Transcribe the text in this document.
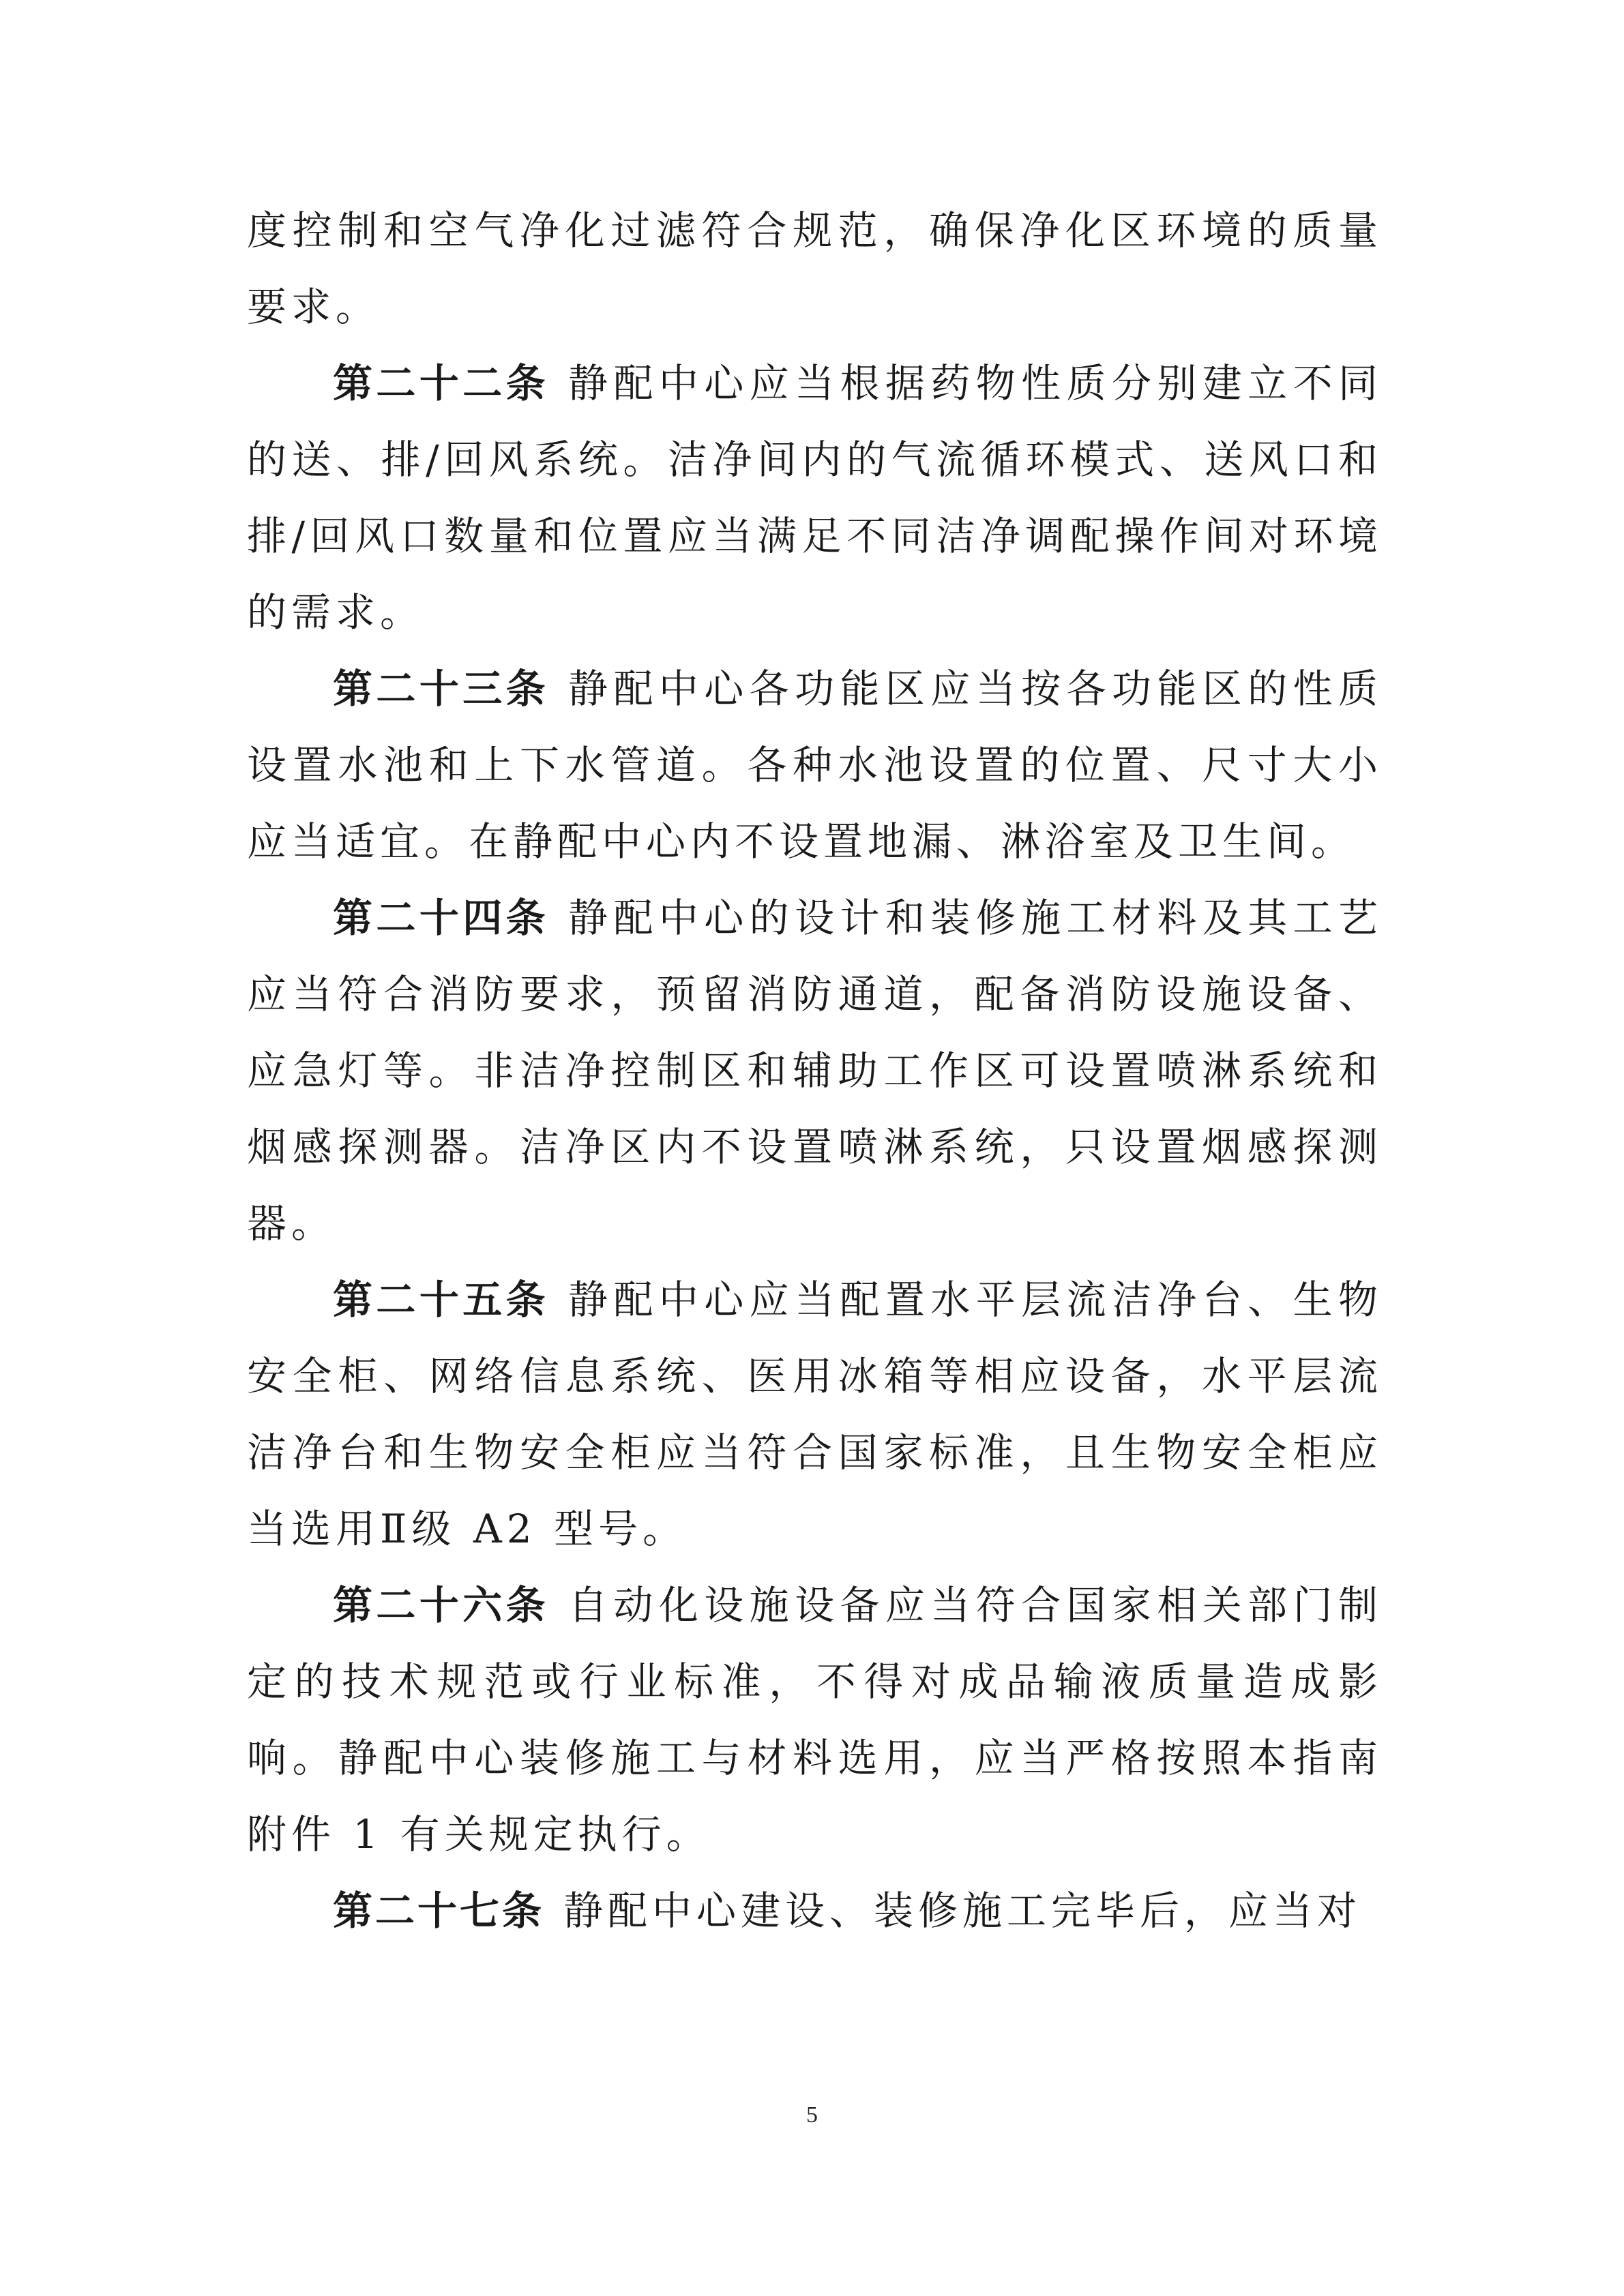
度控制和空气净化过滤符合规范，确保净化区环境的质量要求。

第二十二条 静配中心应当根据药物性质分别建立不同的送、排/回风系统。洁净间内的气流循环模式、送风口和排/回风口数量和位置应当满足不同洁净调配操作间对环境的需求。

第二十三条 静配中心各功能区应当按各功能区的性质设置水池和上下水管道。各种水池设置的位置、尺寸大小应当适宜。在静配中心内不设置地漏、淋浴室及卫生间。

第二十四条 静配中心的设计和装修施工材料及其工艺应当符合消防要求，预留消防通道，配备消防设施设备、应急灯等。非洁净控制区和辅助工作区可设置喷淋系统和烟感探测器。洁净区内不设置喷淋系统，只设置烟感探测器。

第二十五条 静配中心应当配置水平层流洁净台、生物安全柜、网络信息系统、医用冰箱等相应设备，水平层流洁净台和生物安全柜应当符合国家标准，且生物安全柜应当选用Ⅱ级 A2 型号。

第二十六条 自动化设施设备应当符合国家相关部门制定的技术规范或行业标准，不得对成品输液质量造成影响。静配中心装修施工与材料选用，应当严格按照本指南附件 1 有关规定执行。

第二十七条 静配中心建设、装修施工完毕后，应当对

5
